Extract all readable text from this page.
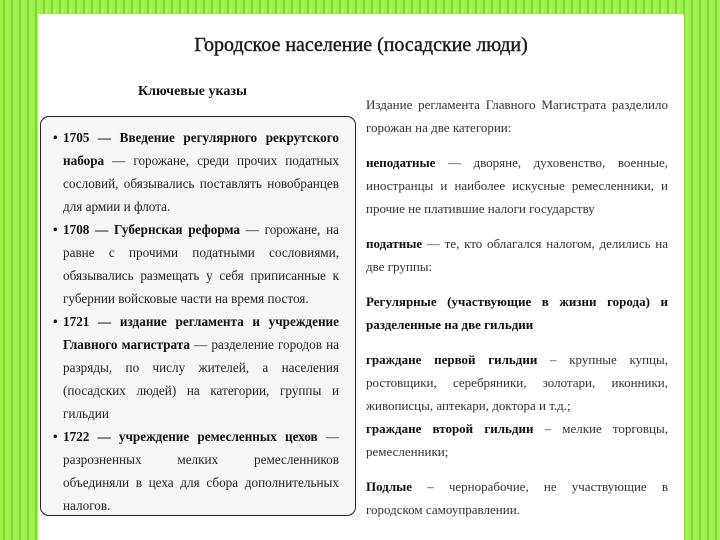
Городское население (посадские люди)
Ключевые указы
• 1705 — Введение регулярного рекрутского набора — горожане, среди прочих податных сословий, обязывались поставлять новобранцев для армии и флота.
• 1708 — Губернская реформа — горожане, на равне с прочими податными сословиями, обязывались размещать у себя приписанные к губернии войсковые части на время постоя.
• 1721 — издание регламента и учреждение Главного магистрата — разделение городов на разряды, по числу жителей, а населения (посадских людей) на категории, группы и гильдии
• 1722 — учреждение ремесленных цехов — разрозненных мелких ремесленников объединяли в цеха для сбора дополнительных налогов.

Издание регламента Главного Магистрата разделило горожан на две категории:

неподатные — дворяне, духовенство, военные, иностранцы и наиболее искусные ремесленники, и прочие не платившие налоги государству

податные — те, кто облагался налогом, делились на две группы:

Регулярные (участвующие в жизни города) и разделенные на две гильдии

граждане первой гильдии – крупные купцы, ростовщики, серебряники, золотари, иконники, живописцы, аптекари, доктора и т.д.;

граждане второй гильдии – мелкие торговцы, ремесленники;

Подлые – чернорабочие, не участвующие в городском самоуправлении.
